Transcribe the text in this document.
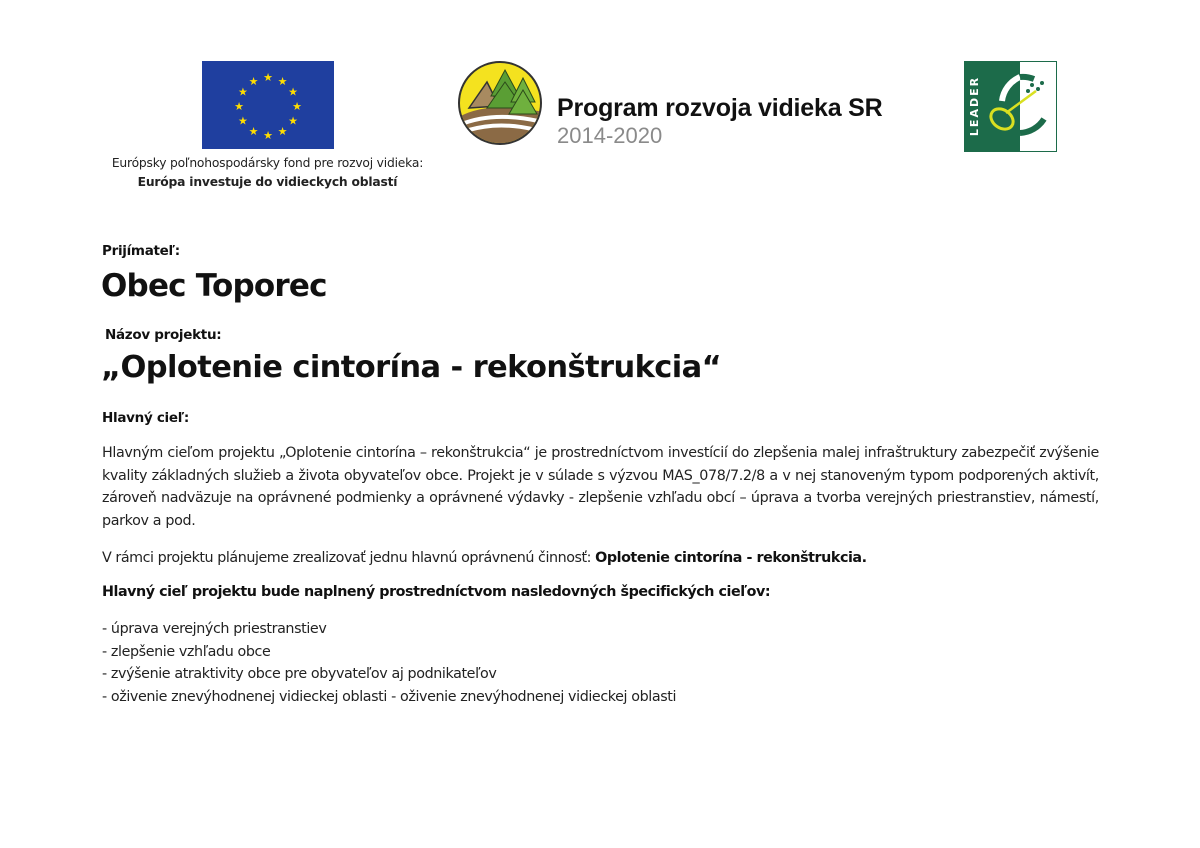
★ ★
★
★
★
★
★
★
★
★
★
★
Európsky poľnohospodársky fond pre rozvoj vidieka:
Európa investuje do vidieckych oblastí
Program rozvoja vidieka SR
2014-2020	LEADER
Prijímateľ:
Obec Toporec
Názov projektu:
„Oplotenie cintorína - rekonštrukcia“
Hlavný cieľ:

Hlavným cieľom projektu „Oplotenie cintorína – rekonštrukcia“ je prostredníctvom investícií do zlepšenia malej infraštruktury zabezpečiť zvýšenie kvality základných služieb a života obyvateľov obce. Projekt je v súlade s výzvou MAS_078/7.2/8 a v nej stanoveným typom podporených aktivít, zároveň nadväzuje na oprávnené podmienky a oprávnené výdavky - zlepšenie vzhľadu obcí – úprava a tvorba verejných priestranstiev, námestí, parkov a pod.

V rámci projektu plánujeme zrealizovať jednu hlavnú oprávnenú činnosť: Oplotenie cintorína - rekonštrukcia.
Hlavný cieľ projektu bude naplnený prostredníctvom nasledovných špecifických cieľov:
- úprava verejných priestranstiev
- zlepšenie vzhľadu obce
- zvýšenie atraktivity obce pre obyvateľov aj podnikateľov
- oživenie znevýhodnenej vidieckej oblasti - oživenie znevýhodnenej vidieckej oblasti
